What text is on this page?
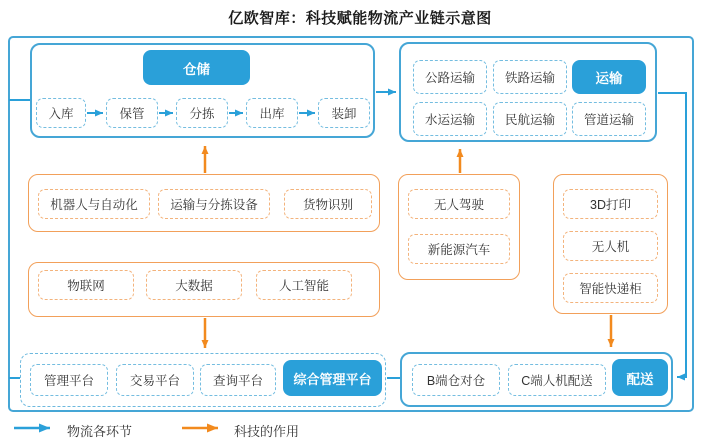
亿欧智库：科技赋能物流产业链示意图
仓储
入库	保管	分拣	出库	装卸
公路运输	铁路运输	运输
水运运输	民航运输	管道运输
机器人与自动化	运输与分拣设备	货物识别	无人驾驶
新能源汽车
3D打印
无人机
智能快递柜
物联网	大数据	人工智能
管理平台	交易平台	查询平台	综合管理平台	B端仓对仓	C端人机配送	配送
物流各环节	科技的作用
